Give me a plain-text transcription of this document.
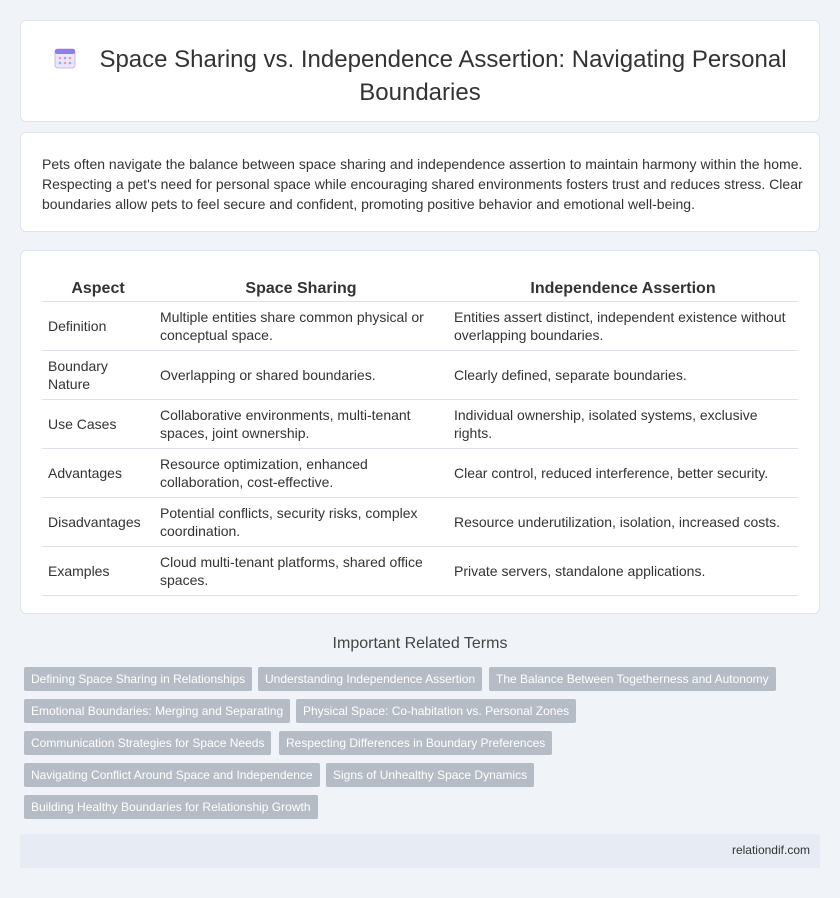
Space Sharing vs. Independence Assertion: Navigating Personal
Boundaries

Pets often navigate the balance between space sharing and independence assertion to maintain harmony within the home. Respecting a pet's need for personal space while encouraging shared environments fosters trust and reduces stress. Clear boundaries allow pets to feel secure and confident, promoting positive behavior and emotional well-being.

Aspect	Space Sharing	Independence Assertion
Definition	Multiple entities share common physical or conceptual space.	Entities assert distinct, independent existence without overlapping boundaries.
Boundary Nature	Overlapping or shared boundaries.	Clearly defined, separate boundaries.
Use Cases	Collaborative environments, multi-tenant spaces, joint ownership.	Individual ownership, isolated systems, exclusive rights.
Advantages	Resource optimization, enhanced collaboration, cost-effective.	Clear control, reduced interference, better security.
Disadvantages	Potential conflicts, security risks, complex coordination.	Resource underutilization, isolation, increased costs.
Examples	Cloud multi-tenant platforms, shared office spaces.	Private servers, standalone applications.
Important Related Terms
Defining Space Sharing in Relationships	Understanding Independence Assertion	The Balance Between Togetherness and Autonomy
Emotional Boundaries: Merging and Separating	Physical Space: Co-habitation vs. Personal Zones
Communication Strategies for Space Needs	Respecting Differences in Boundary Preferences
Navigating Conflict Around Space and Independence	Signs of Unhealthy Space Dynamics
Building Healthy Boundaries for Relationship Growth
relationdif.com
